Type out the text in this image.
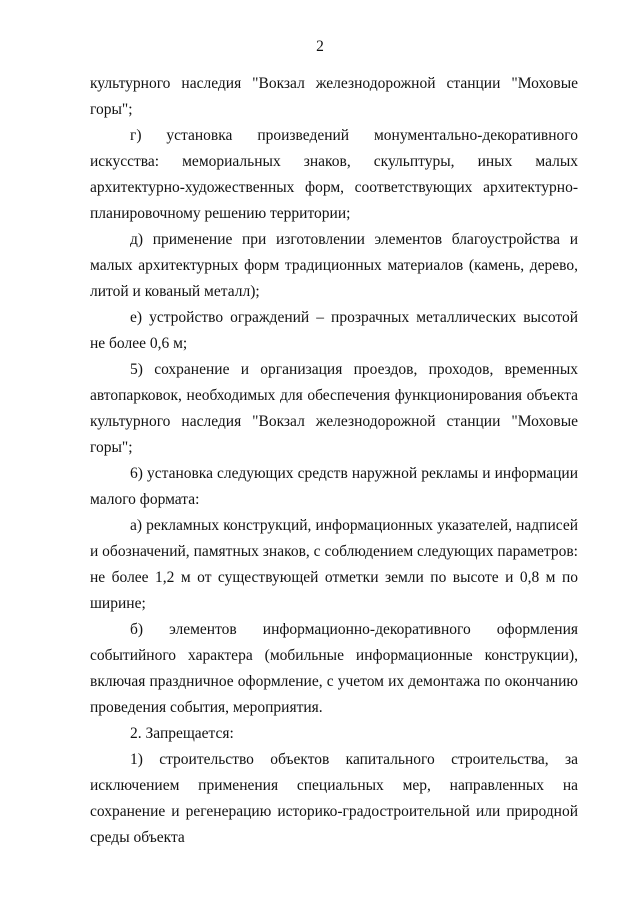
2

культурного наследия "Вокзал железнодорожной станции "Моховые горы";

г) установка произведений монументально-декоративного искусства: мемориальных знаков, скульптуры, иных малых архитектурно-художественных форм, соответствующих архитектурно-планировочному решению территории;

д) применение при изготовлении элементов благоустройства и малых архитектурных форм традиционных материалов (камень, дерево, литой и кованый металл);

е) устройство ограждений – прозрачных металлических высотой не более 0,6 м;

5) сохранение и организация проездов, проходов, временных автопарковок, необходимых для обеспечения функционирования объекта культурного наследия "Вокзал железнодорожной станции "Моховые горы";

6) установка следующих средств наружной рекламы и информации малого формата:

а) рекламных конструкций, информационных указателей, надписей и обозначений, памятных знаков, с соблюдением следующих параметров: не более 1,2 м от существующей отметки земли по высоте и 0,8 м по ширине;

б) элементов информационно-декоративного оформления событийного характера (мобильные информационные конструкции), включая праздничное оформление, с учетом их демонтажа по окончанию проведения события, мероприятия.

2. Запрещается:

1) строительство объектов капитального строительства, за исключением применения специальных мер, направленных на сохранение и регенерацию историко-градостроительной или природной среды объекта
